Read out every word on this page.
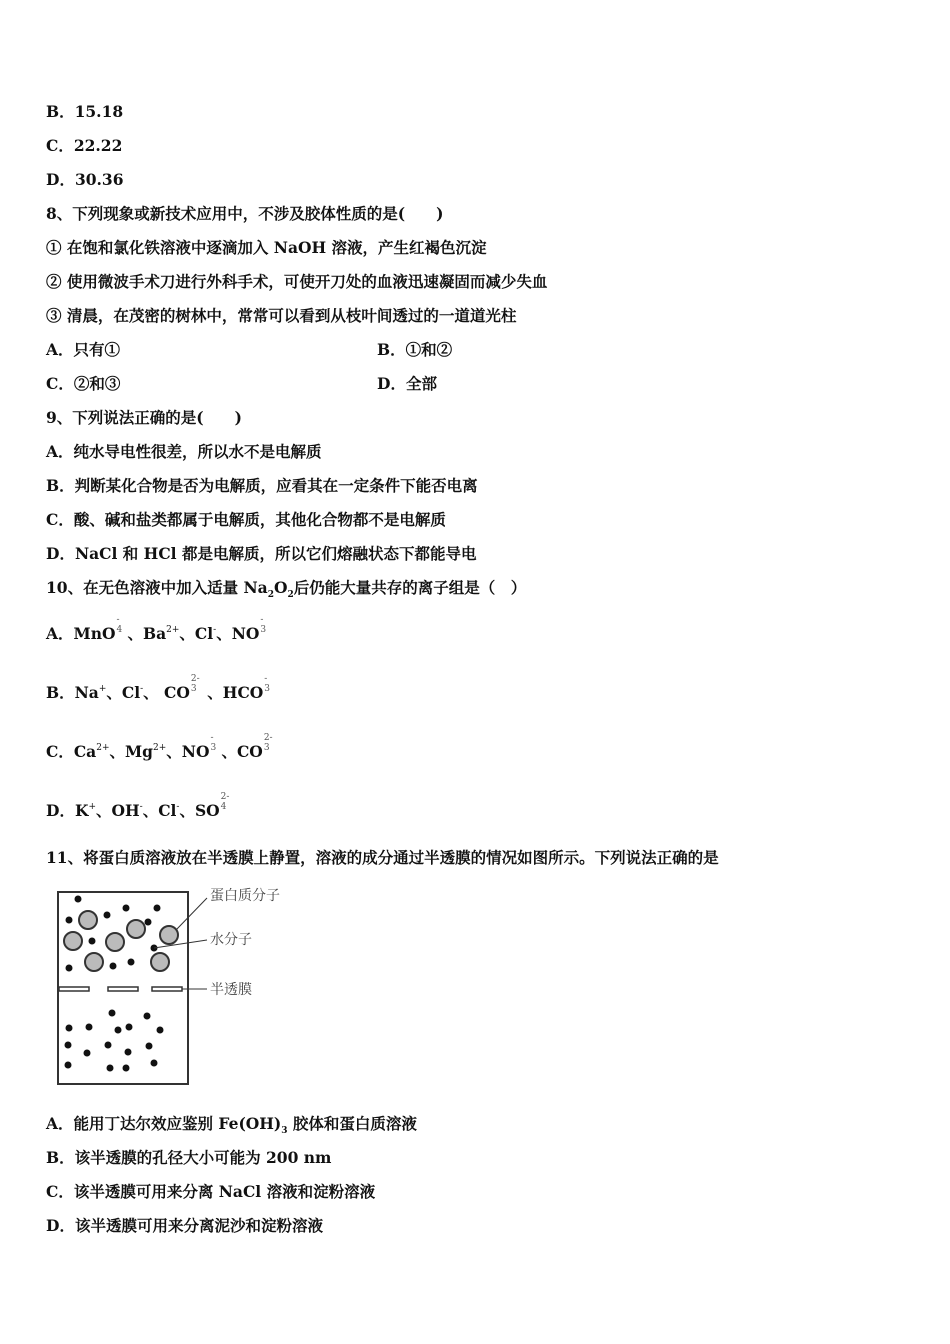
B．15.18
C．22.22
D．30.36
8、下列现象或新技术应用中，不涉及胶体性质的是(　　)
① 在饱和氯化铁溶液中逐滴加入 NaOH 溶液，产生红褐色沉淀
② 使用微波手术刀进行外科手术，可使开刀处的血液迅速凝固而减少失血
③ 清晨，在茂密的树林中，常常可以看到从枝叶间透过的一道道光柱
A．只有①	B．①和②
C．②和③	D．全部
9、下列说法正确的是(　　)
A．纯水导电性很差，所以水不是电解质
B．判断某化合物是否为电解质，应看其在一定条件下能否电离
C．酸、碱和盐类都属于电解质，其他化合物都不是电解质
D．NaCl 和 HCl 都是电解质，所以它们熔融状态下都能导电
10、在无色溶液中加入适量 $Na_2O_2$后仍能大量共存的离子组是（　）
A．MnO
-
4 、$Ba^{2+}$、Cl-、NO
-
3
B．Na+、Cl-、 CO
2-
3 、HCO
-
3
C．$Ca^{2+}$、$Mg^{2+}$、NO
-
3 、CO
2-
3
D．K+、OH-、Cl-、SO
2-
4
11、将蛋白质溶液放在半透膜上静置，溶液的成分通过半透膜的情况如图所示。下列说法正确的是
蛋白质分子
水分子
半透膜
A．能用丁达尔效应鉴别 $Fe(OH)_3$ 胶体和蛋白质溶液
B．该半透膜的孔径大小可能为 200 nm
C．该半透膜可用来分离 NaCl 溶液和淀粉溶液
D．该半透膜可用来分离泥沙和淀粉溶液
